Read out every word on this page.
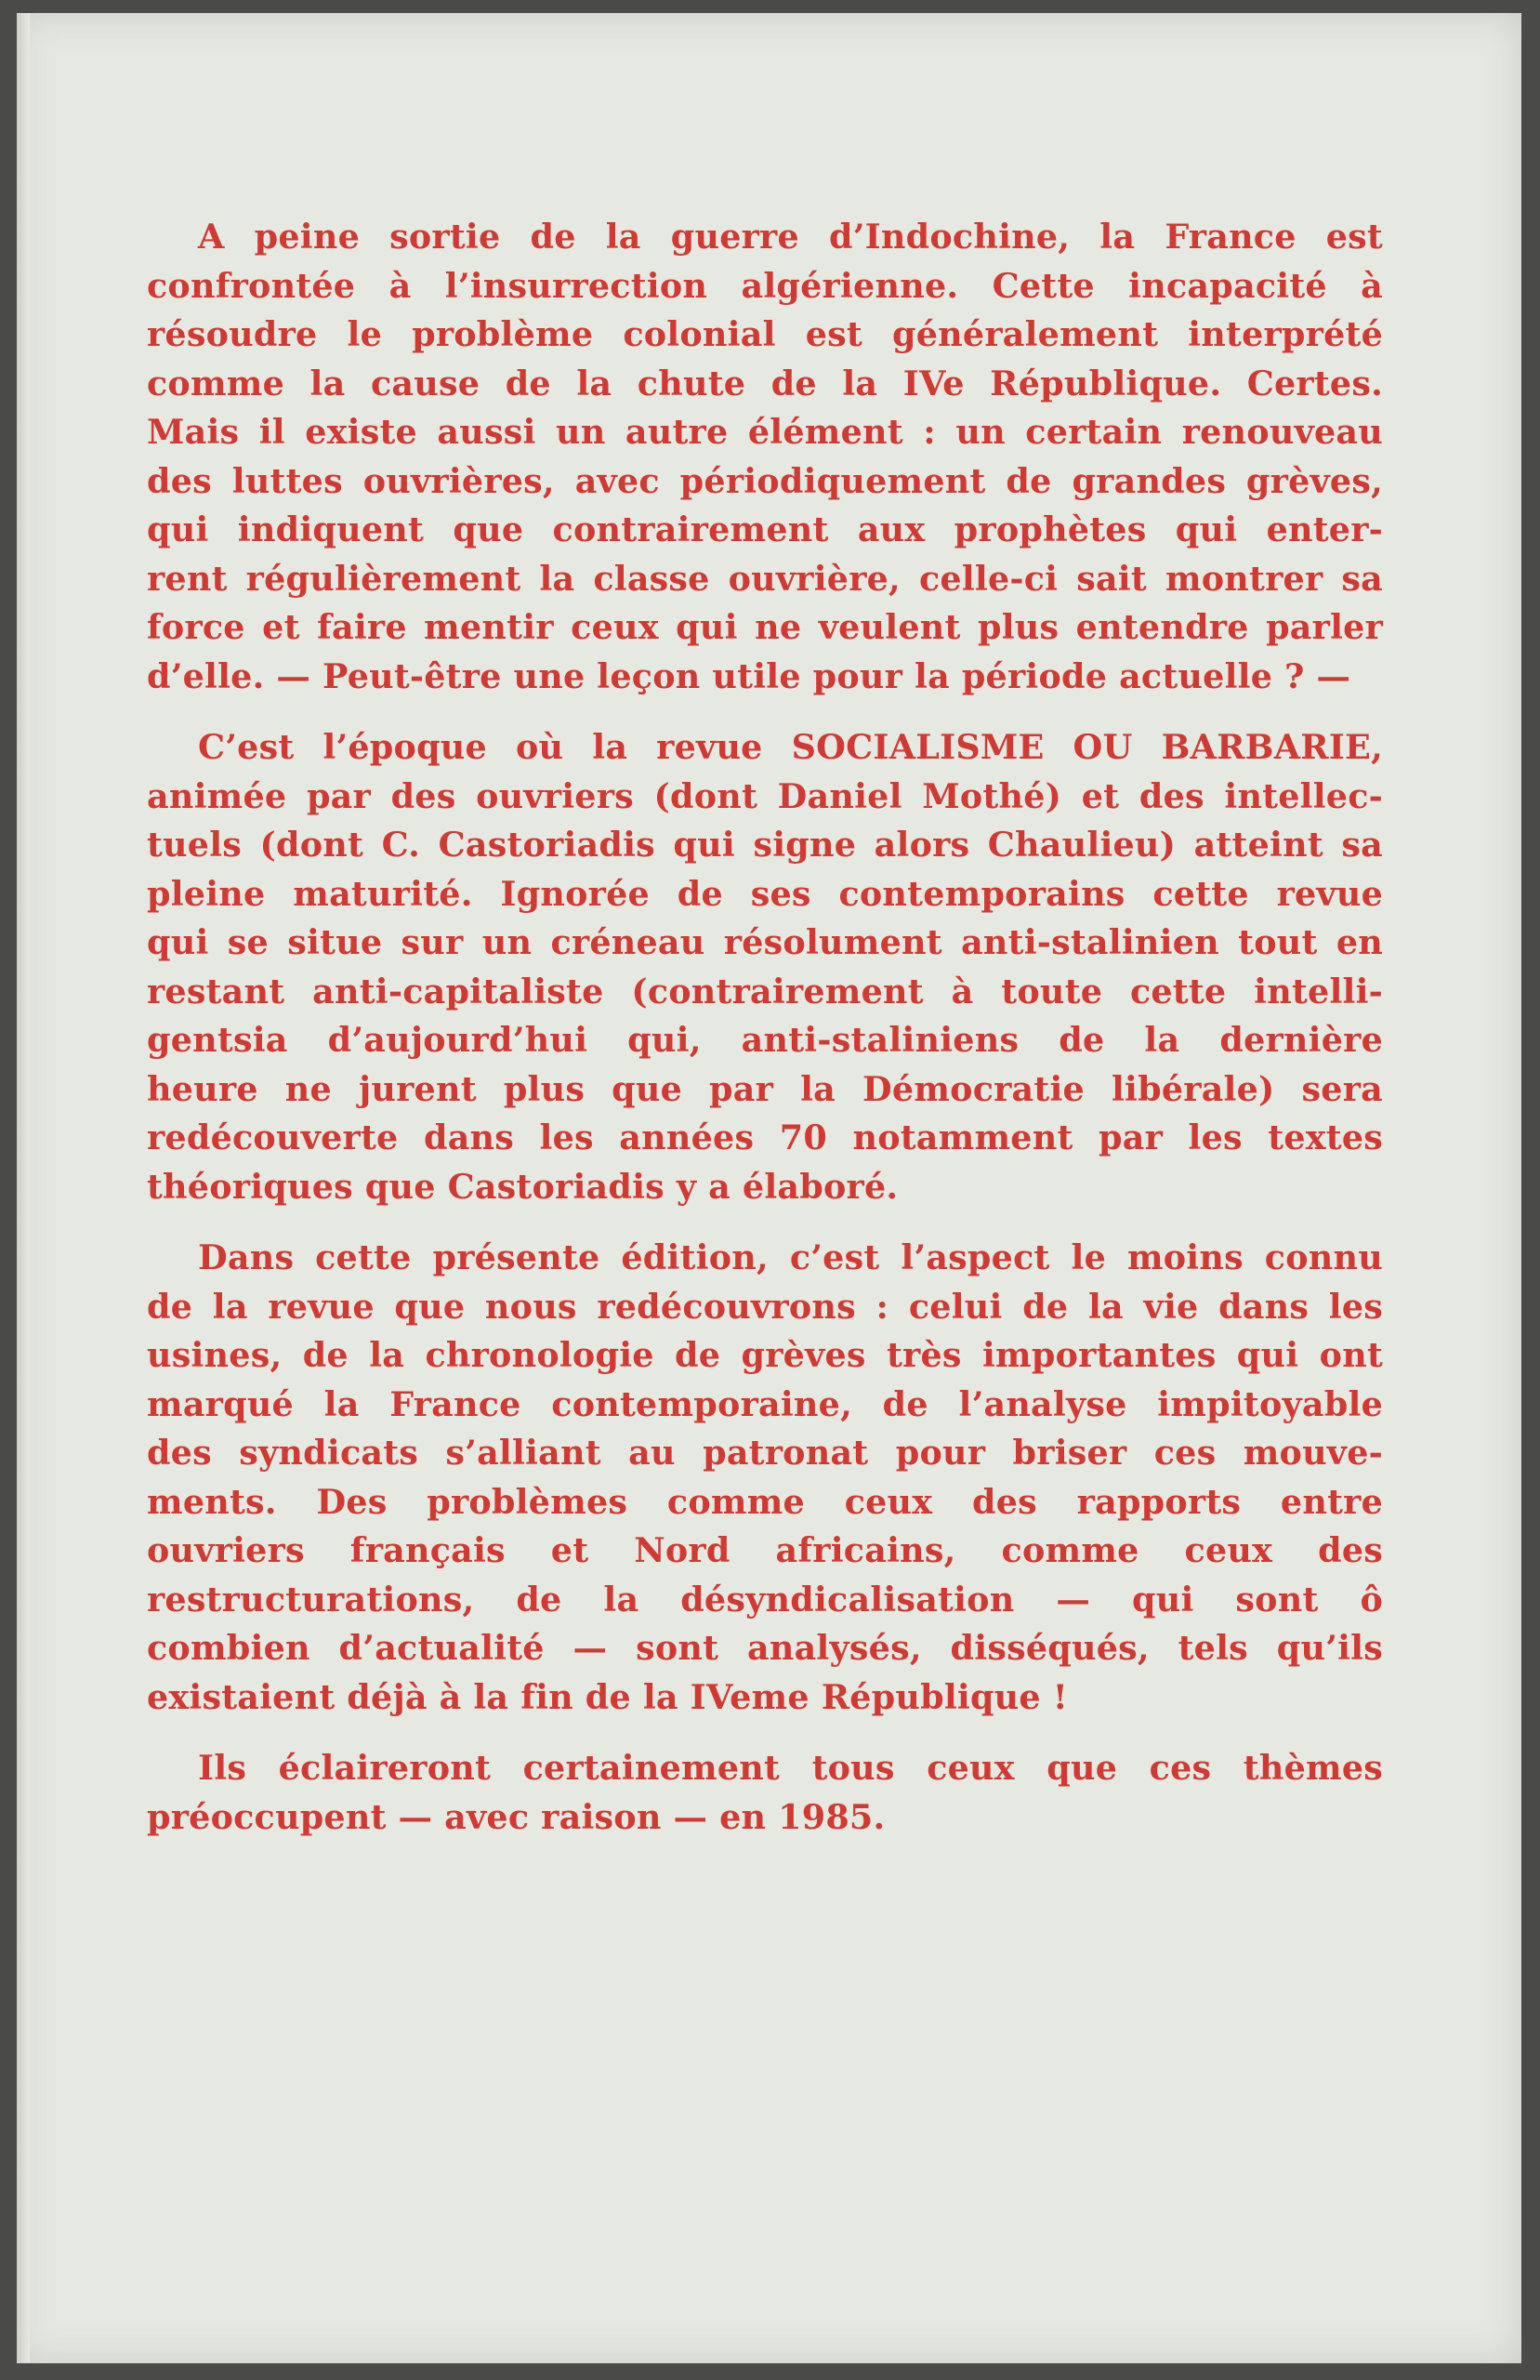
A peine sortie de la guerre d’Indochine, la France est
confrontée à l’insurrection algérienne. Cette incapacité à
résoudre le problème colonial est généralement interprété
comme la cause de la chute de la IVe République. Certes.
Mais il existe aussi un autre élément : un certain renouveau
des luttes ouvrières, avec périodiquement de grandes grèves,
qui indiquent que contrairement aux prophètes qui enter-
rent régulièrement la classe ouvrière, celle-ci sait montrer sa
force et faire mentir ceux qui ne veulent plus entendre parler
d’elle. — Peut-être une leçon utile pour la période actuelle ? —
C’est l’époque où la revue SOCIALISME OU BARBARIE,
animée par des ouvriers (dont Daniel Mothé) et des intellec-
tuels (dont C. Castoriadis qui signe alors Chaulieu) atteint sa
pleine maturité. Ignorée de ses contemporains cette revue
qui se situe sur un créneau résolument anti-stalinien tout en
restant anti-capitaliste (contrairement à toute cette intelli-
gentsia d’aujourd’hui qui, anti-staliniens de la dernière
heure ne jurent plus que par la Démocratie libérale) sera
redécouverte dans les années 70 notamment par les textes
théoriques que Castoriadis y a élaboré.
Dans cette présente édition, c’est l’aspect le moins connu
de la revue que nous redécouvrons : celui de la vie dans les
usines, de la chronologie de grèves très importantes qui ont
marqué la France contemporaine, de l’analyse impitoyable
des syndicats s’alliant au patronat pour briser ces mouve-
ments. Des problèmes comme ceux des rapports entre
ouvriers français et Nord africains, comme ceux des
restructurations, de la désyndicalisation — qui sont ô
combien d’actualité — sont analysés, disséqués, tels qu’ils
existaient déjà à la fin de la IVeme République !
Ils éclaireront certainement tous ceux que ces thèmes
préoccupent — avec raison — en 1985.
